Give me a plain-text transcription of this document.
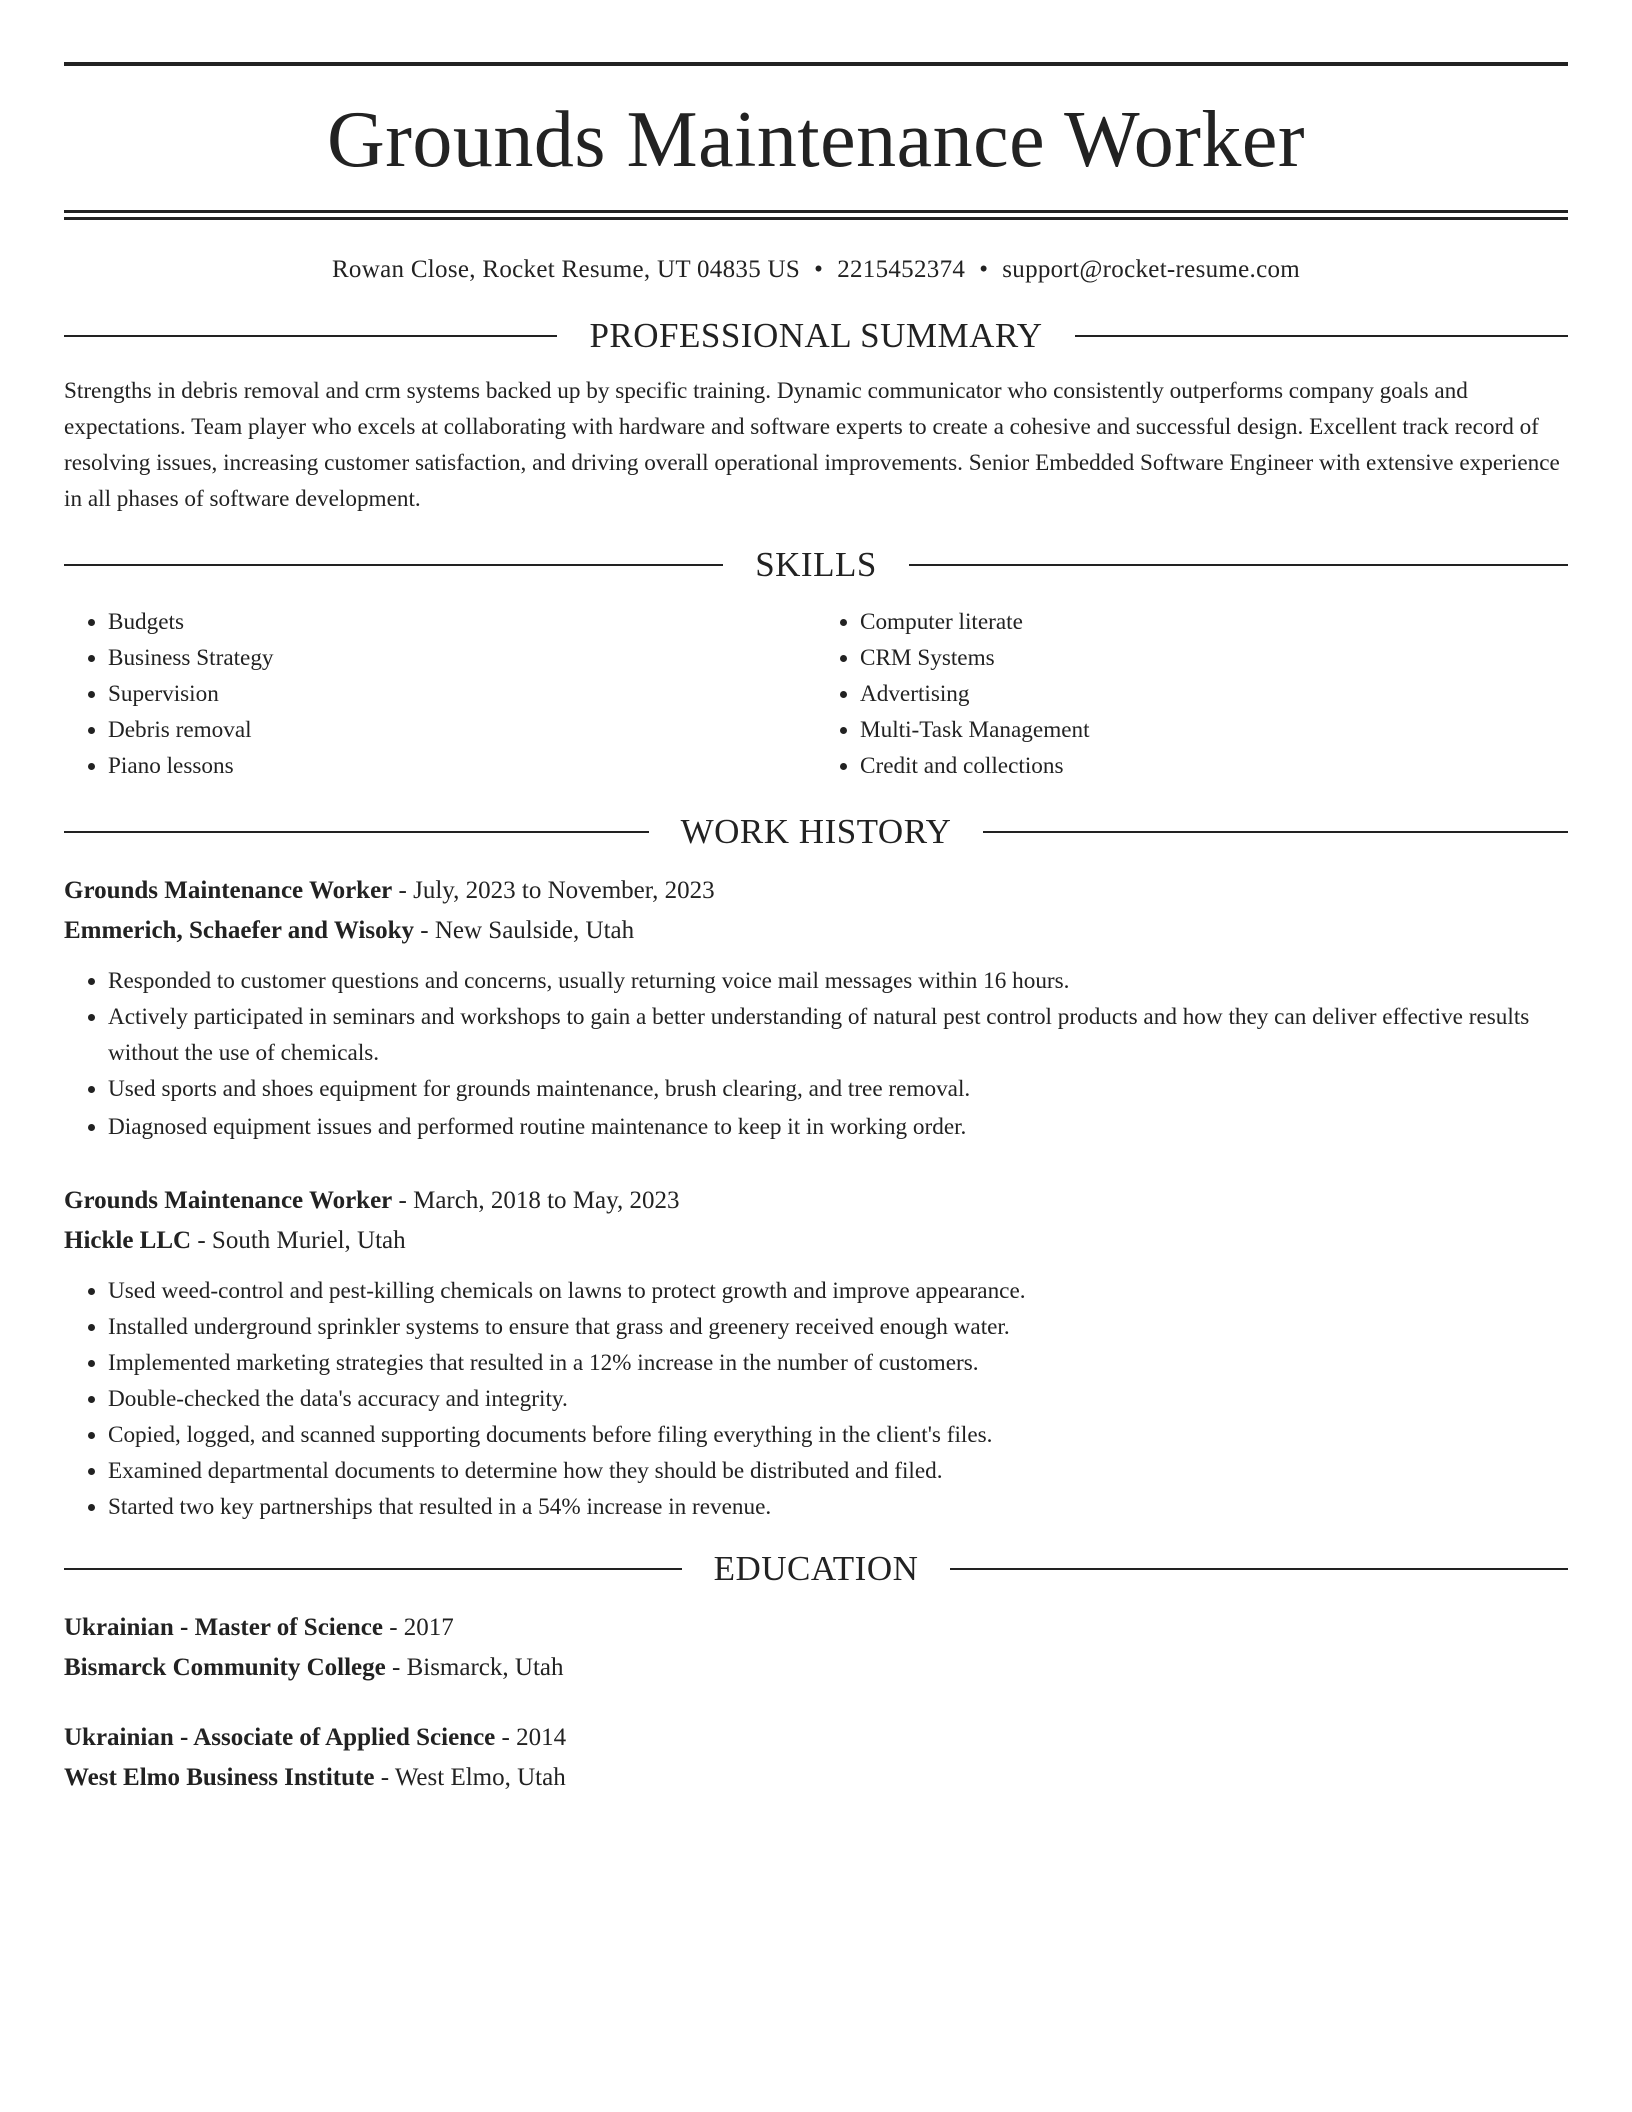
Grounds Maintenance Worker
Rowan Close, Rocket Resume, UT 04835 US • 2215452374 • support@rocket-resume.com
PROFESSIONAL SUMMARY

Strengths in debris removal and crm systems backed up by specific training. Dynamic communicator who consistently outperforms company goals and expectations. Team player who excels at collaborating with hardware and software experts to create a cohesive and successful design. Excellent track record of resolving issues, increasing customer satisfaction, and driving overall operational improvements. Senior Embedded Software Engineer with extensive experience in all phases of software development.

SKILLS
• Budgets
• Business Strategy
• Supervision
• Debris removal
• Piano lessons
• Computer literate
• CRM Systems
• Advertising
• Multi-Task Management
• Credit and collections
WORK HISTORY
Grounds Maintenance Worker - July, 2023 to November, 2023
Emmerich, Schaefer and Wisoky - New Saulside, Utah
• Responded to customer questions and concerns, usually returning voice mail messages within 16 hours.
• Actively participated in seminars and workshops to gain a better understanding of natural pest control products and how they can deliver effective results without the use of chemicals.
• Used sports and shoes equipment for grounds maintenance, brush clearing, and tree removal.
• Diagnosed equipment issues and performed routine maintenance to keep it in working order.
Grounds Maintenance Worker - March, 2018 to May, 2023
Hickle LLC - South Muriel, Utah
• Used weed-control and pest-killing chemicals on lawns to protect growth and improve appearance.
• Installed underground sprinkler systems to ensure that grass and greenery received enough water.
• Implemented marketing strategies that resulted in a 12% increase in the number of customers.
• Double-checked the data's accuracy and integrity.
• Copied, logged, and scanned supporting documents before filing everything in the client's files.
• Examined departmental documents to determine how they should be distributed and filed.
• Started two key partnerships that resulted in a 54% increase in revenue.
EDUCATION
Ukrainian - Master of Science - 2017
Bismarck Community College - Bismarck, Utah
Ukrainian - Associate of Applied Science - 2014
West Elmo Business Institute - West Elmo, Utah
